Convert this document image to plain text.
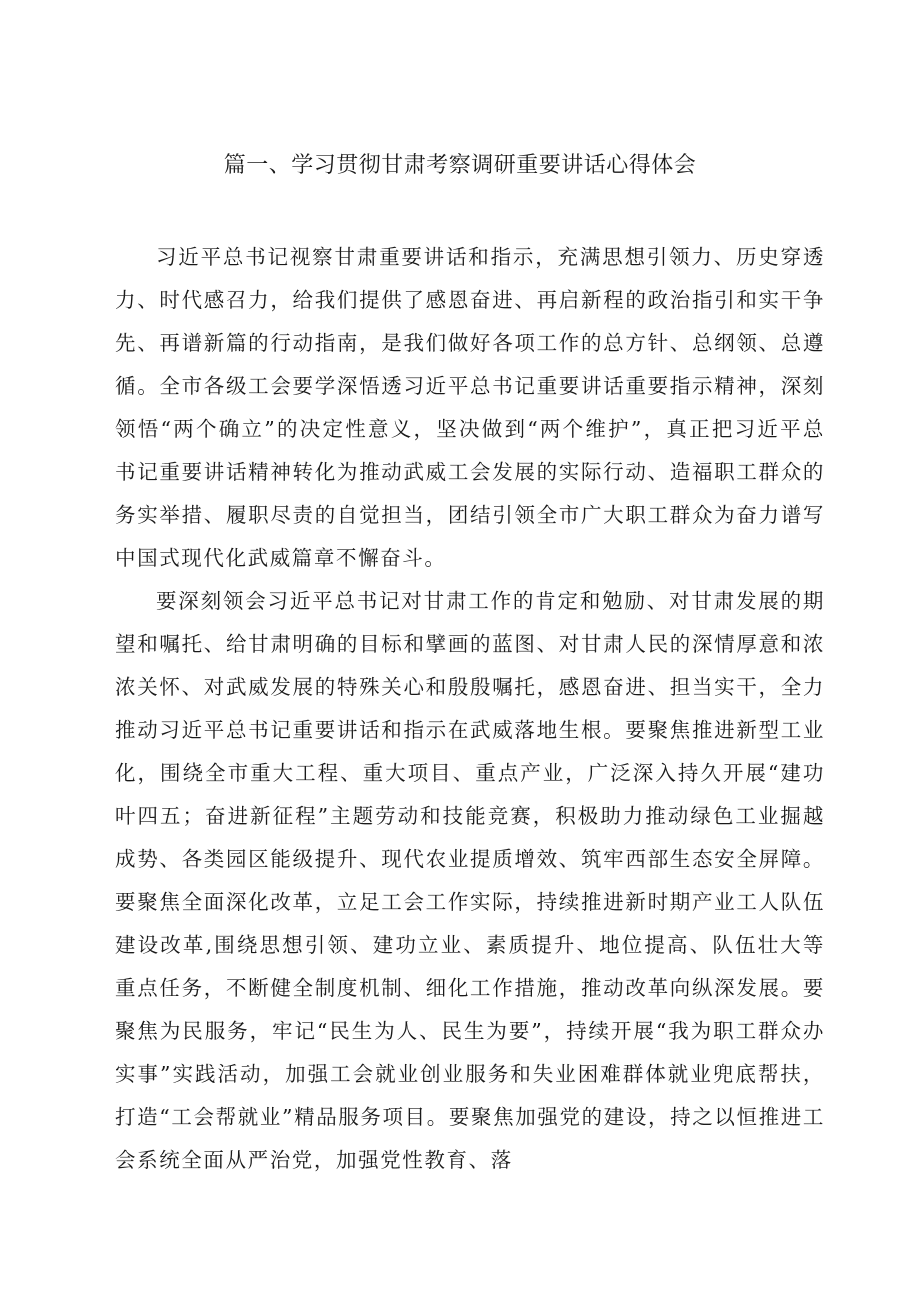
篇一、学习贯彻甘肃考察调研重要讲话心得体会

习近平总书记视察甘肃重要讲话和指示，充满思想引领力、历史穿透力、时代感召力，给我们提供了感恩奋进、再启新程的政治指引和实干争先、再谱新篇的行动指南，是我们做好各项工作的总方针、总纲领、总遵循。全市各级工会要学深悟透习近平总书记重要讲话重要指示精神，深刻领悟“两个确立”的决定性意义，坚决做到“两个维护”，真正把习近平总书记重要讲话精神转化为推动武威工会发展的实际行动、造福职工群众的务实举措、履职尽责的自觉担当，团结引领全市广大职工群众为奋力谱写中国式现代化武威篇章不懈奋斗。

要深刻领会习近平总书记对甘肃工作的肯定和勉励、对甘肃发展的期望和嘱托、给甘肃明确的目标和擘画的蓝图、对甘肃人民的深情厚意和浓浓关怀、对武威发展的特殊关心和殷殷嘱托，感恩奋进、担当实干，全力推动习近平总书记重要讲话和指示在武威落地生根。要聚焦推进新型工业化，围绕全市重大工程、重大项目、重点产业，广泛深入持久开展“建功叶四五；奋进新征程”主题劳动和技能竞赛，积极助力推动绿色工业掘越成势、各类园区能级提升、现代农业提质增效、筑牢西部生态安全屏障。要聚焦全面深化改革，立足工会工作实际，持续推进新时期产业工人队伍建设改革,围绕思想引领、建功立业、素质提升、地位提高、队伍壮大等重点任务，不断健全制度机制、细化工作措施，推动改革向纵深发展。要聚焦为民服务，牢记“民生为人、民生为要”，持续开展“我为职工群众办实事”实践活动，加强工会就业创业服务和失业困难群体就业兜底帮扶，打造“工会帮就业”精品服务项目。要聚焦加强党的建设，持之以恒推进工会系统全面从严治党，加强党性教育、落
